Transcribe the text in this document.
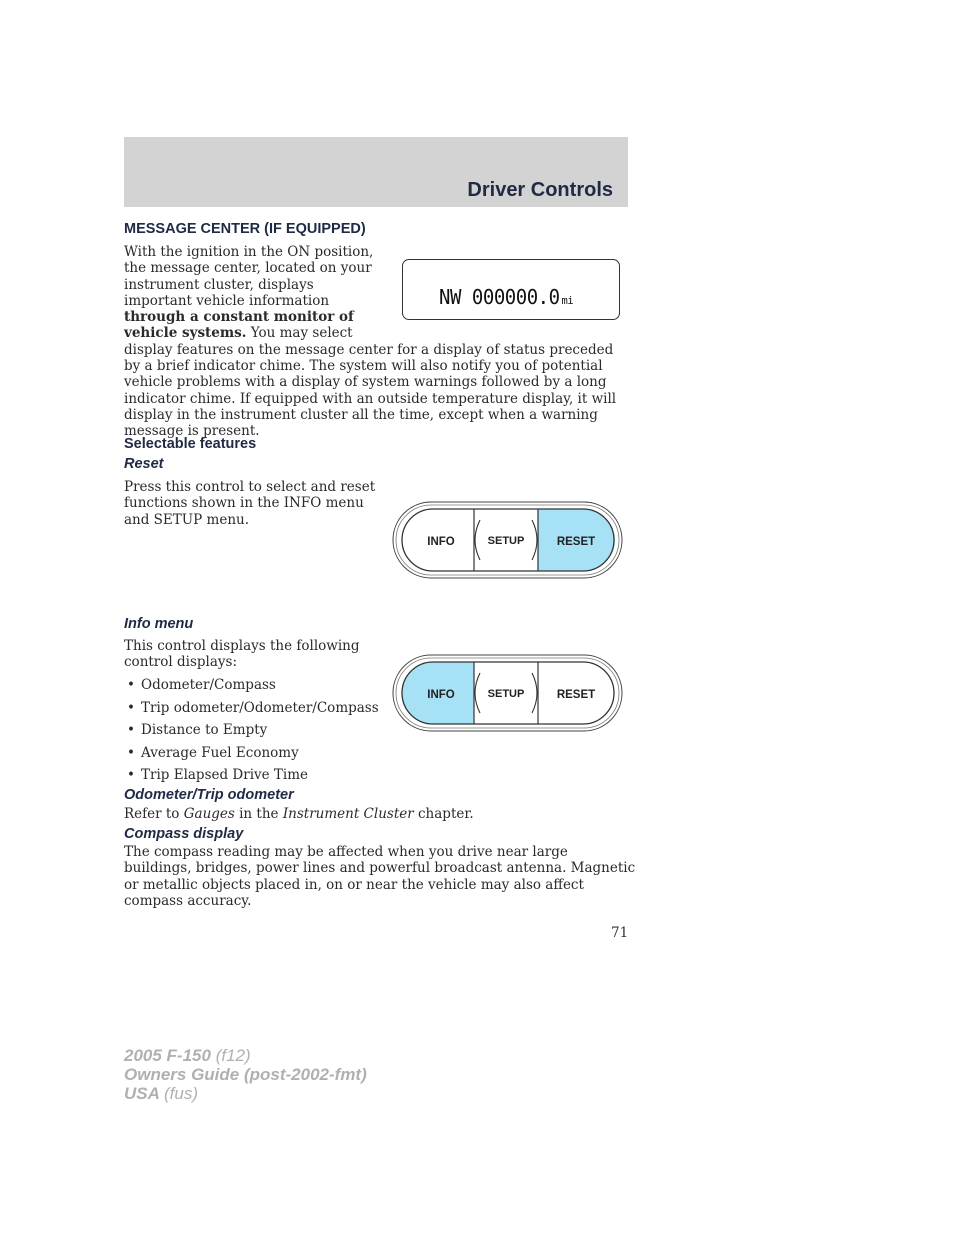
Driver Controls
MESSAGE CENTER (IF EQUIPPED)
With the ignition in the ON position,
the message center, located on your
instrument cluster, displays
important vehicle information
through a constant monitor of
vehicle systems. You may select
display features on the message center for a display of status preceded
by a brief indicator chime. The system will also notify you of potential
vehicle problems with a display of system warnings followed by a long
indicator chime. If equipped with an outside temperature display, it will
display in the instrument cluster all the time, except when a warning
message is present.
NW 000000.0 mi
Selectable features
Reset
Press this control to select and reset
functions shown in the INFO menu
and SETUP menu.
INFO	SETUP	RESET
Info menu
This control displays the following
control displays:
• Odometer/Compass
• Trip odometer/Odometer/Compass
• Distance to Empty
• Average Fuel Economy
• Trip Elapsed Drive Time
INFO	SETUP	RESET
Odometer/Trip odometer
Refer to Gauges in the Instrument Cluster chapter.
Compass display
The compass reading may be affected when you drive near large
buildings, bridges, power lines and powerful broadcast antenna. Magnetic
or metallic objects placed in, on or near the vehicle may also affect
compass accuracy.
71
2005 F-150 (f12)
Owners Guide (post-2002-fmt)
USA (fus)
